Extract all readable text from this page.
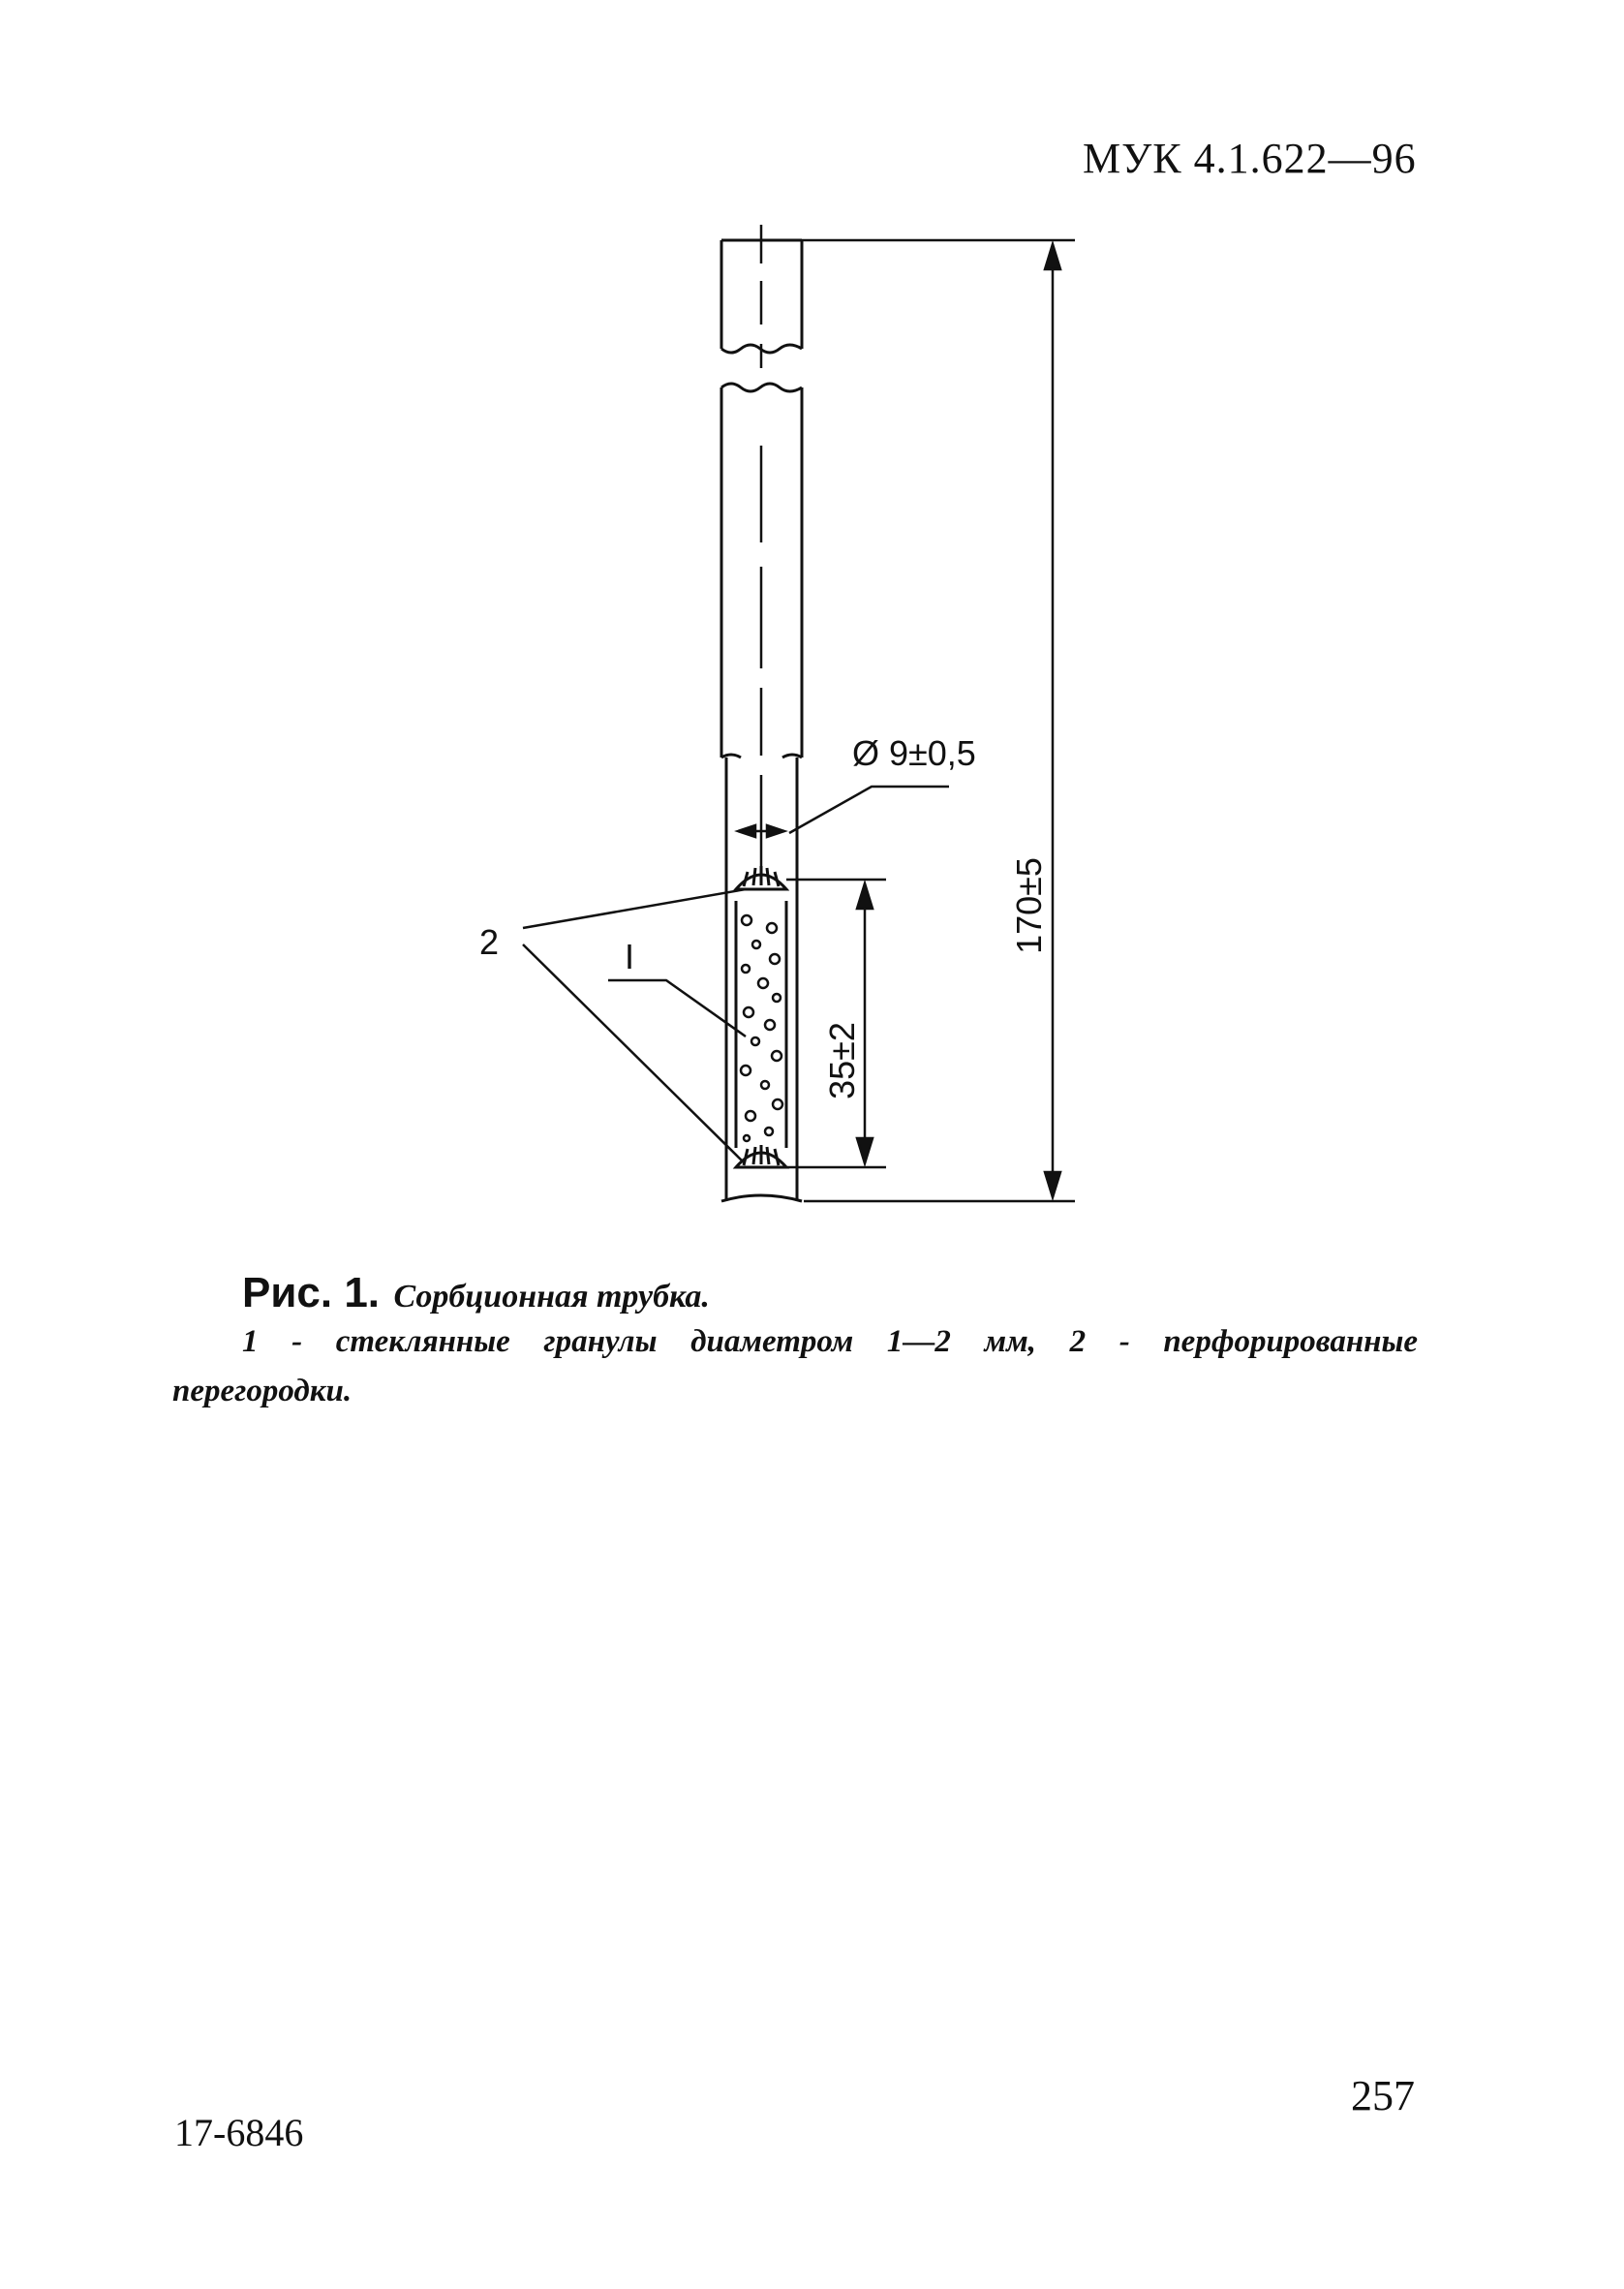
МУК 4.1.622—96
170±5
35±2
Ø 9±0,5
2	I
Рис. 1. Сорбционная трубка.
1 - стеклянные гранулы диаметром 1—2 мм, 2 - перфорированные перегородки.
257
17-6846
